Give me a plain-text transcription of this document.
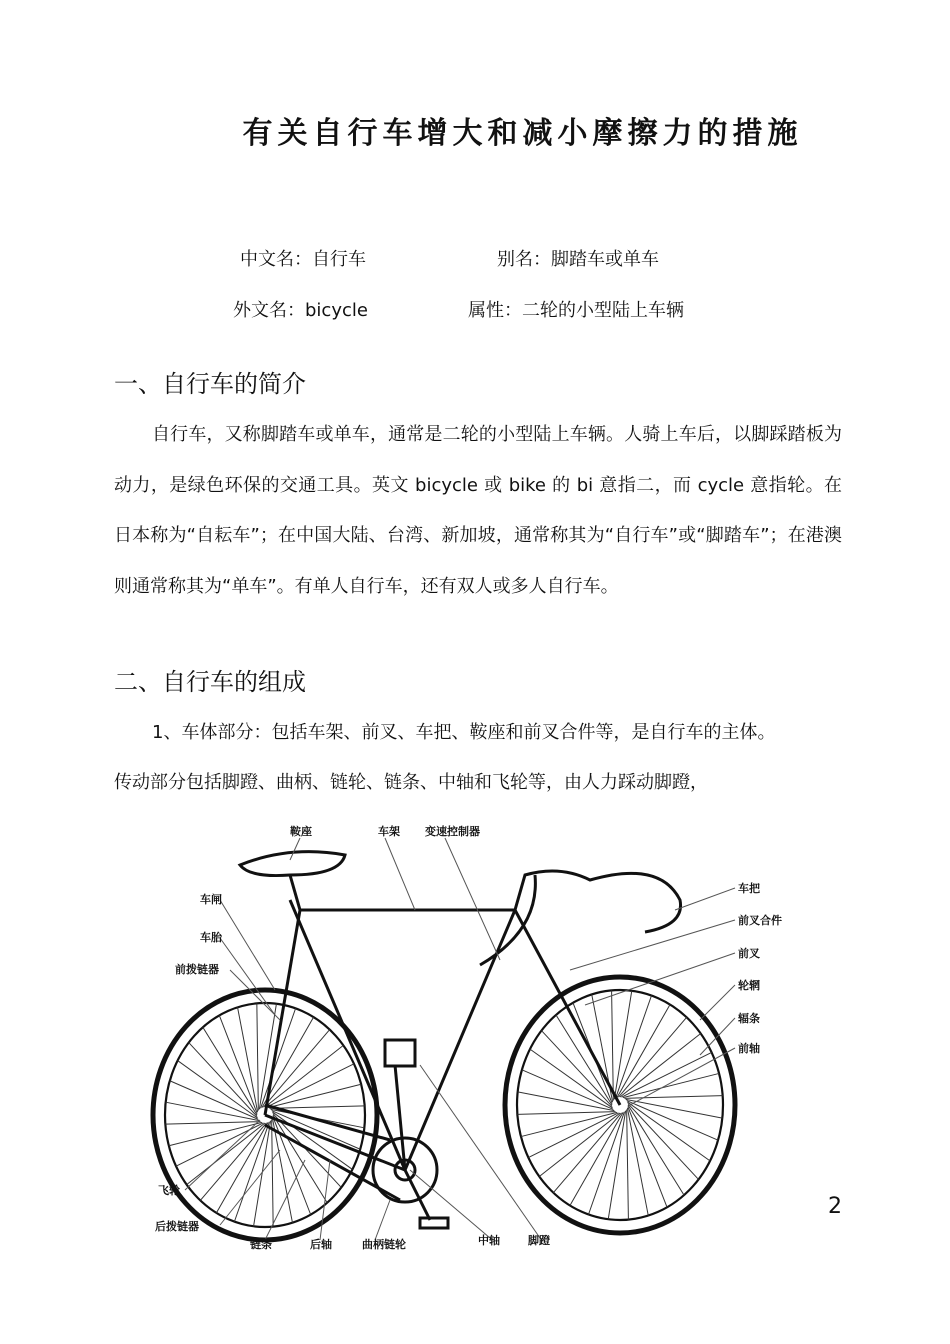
有关自行车增大和减小摩擦力的措施
中文名：自行车	别名：脚踏车或单车
外文名：bicycle	属性：二轮的小型陆上车辆
一、自行车的简介

自行车，又称脚踏车或单车，通常是二轮的小型陆上车辆。人骑上车后，以脚踩踏板为动力，是绿色环保的交通工具。英文 bicycle 或 bike 的 bi 意指二，而 cycle 意指轮。在日本称为“自耘车”；在中国大陆、台湾、新加坡，通常称其为“自行车”或“脚踏车”；在港澳则通常称其为“单车”。有单人自行车，还有双人或多人自行车。

二、自行车的组成

1、车体部分：包括车架、前叉、车把、鞍座和前叉合件等，是自行车的主体。

传动部分包括脚蹬、曲柄、链轮、链条、中轴和飞轮等，由人力踩动脚蹬，

鞍座	车架 变速控制器
车把
前叉合件
前叉
轮辋
辐条
前轴
车闸
车胎
前拨链器
飞轮
后拨链器
链条	后轴	曲柄链轮	中轴	脚蹬
2
